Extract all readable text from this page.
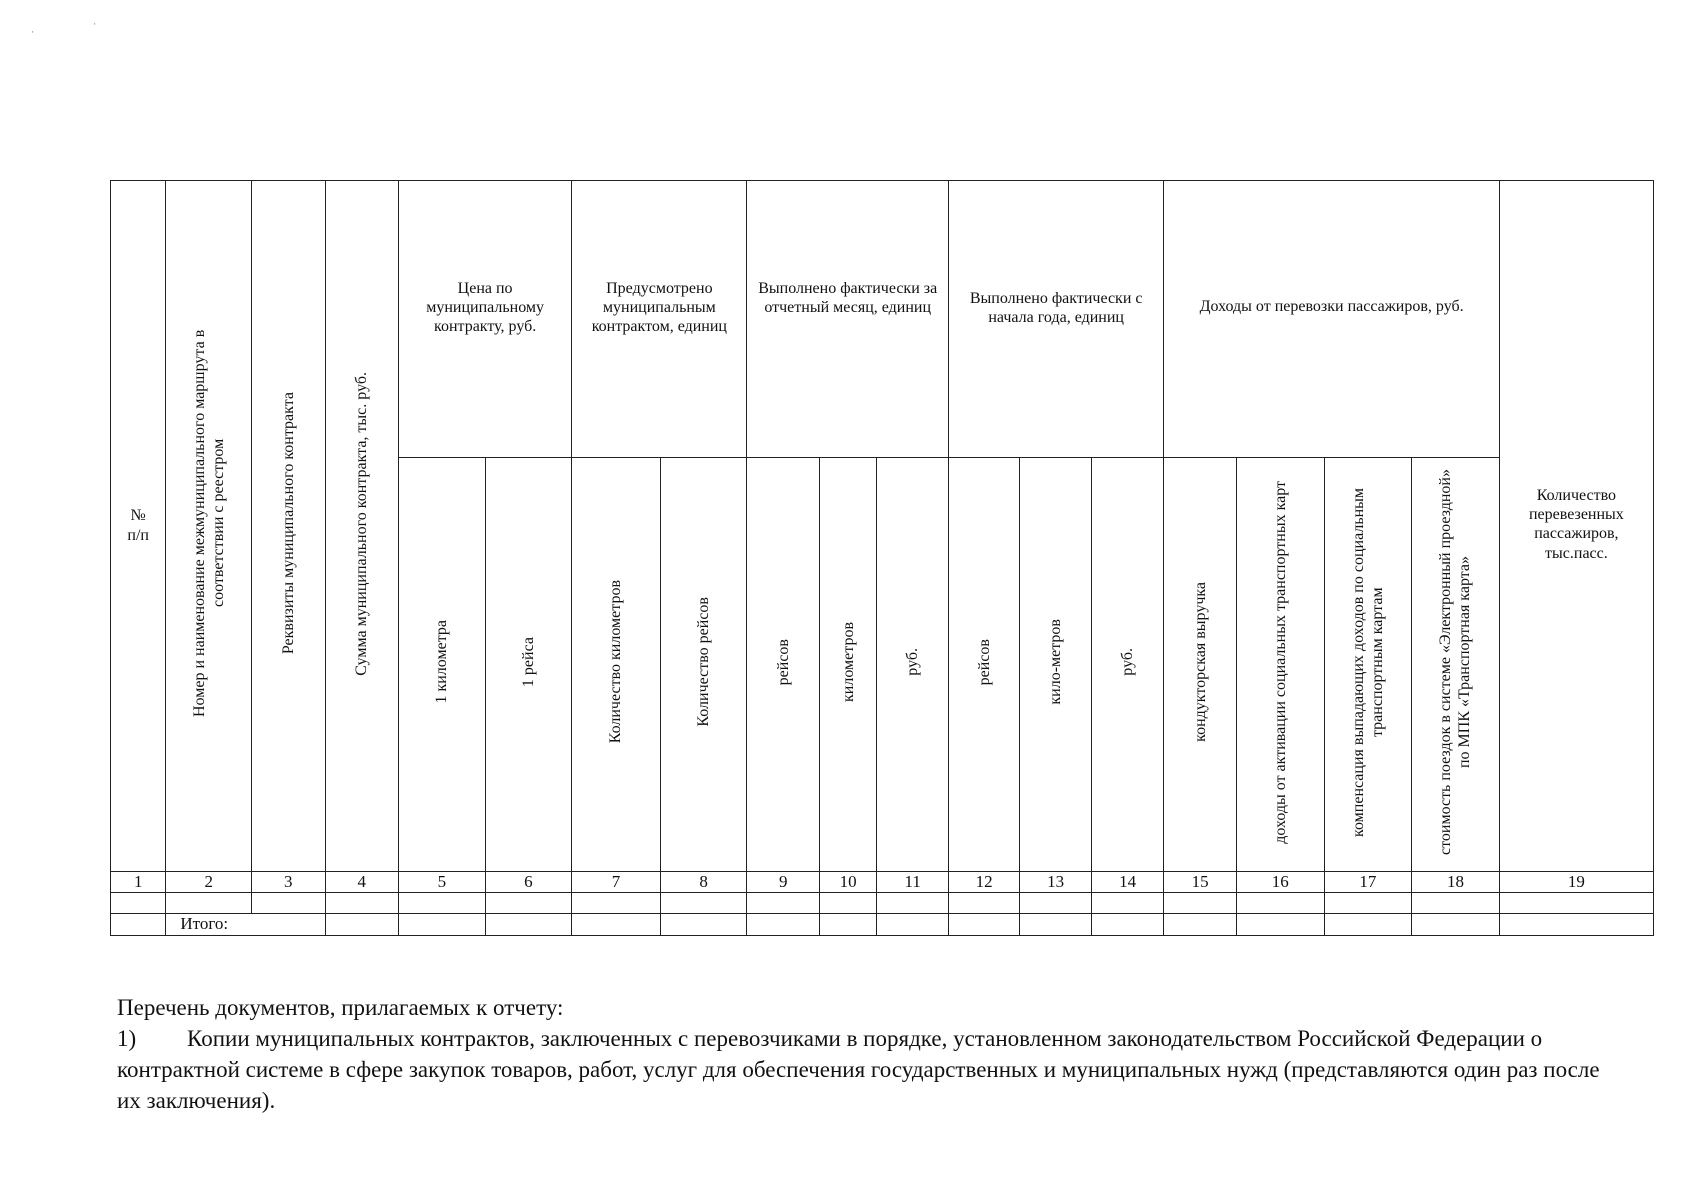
'
'
№ п/п	Номер и наименование межмуниципального маршрута в соответствии с реестром	Реквизиты муниципального контракта	Сумма муниципального контракта, тыс. руб.	Цена по муниципальному контракту, руб.		Предусмотрено муниципальным контрактом, единиц		Выполнено фактически за отчетный месяц, единиц			Выполнено фактически с начала года, единиц			Доходы от перевозки пассажиров, руб.				Количество перевезенных пассажиров, тыс.пасс.

				1 километра	1 рейса	Количество километров	Количество рейсов	рейсов	километров	руб.	рейсов	кило-метров	руб.	кондукторская выручка	доходы от активации социальных транспортных карт	компенсация выпадающих доходов по социальным транспортным картам	стоимость поездок в системе «Электронный проездной» по МПК «Транспортная карта»	
1	2	3	4	5	6	7	8	9	10	11	12	13	14	15	16	17	18	19

	Итого:																	

Перечень документов, прилагаемых к отчету:

1) Копии муниципальных контрактов, заключенных с перевозчиками в порядке, установленном законодательством Российской Федерации о контрактной системе в сфере закупок товаров, работ, услуг для обеспечения государственных и муниципальных нужд (представляются один раз после их заключения).
